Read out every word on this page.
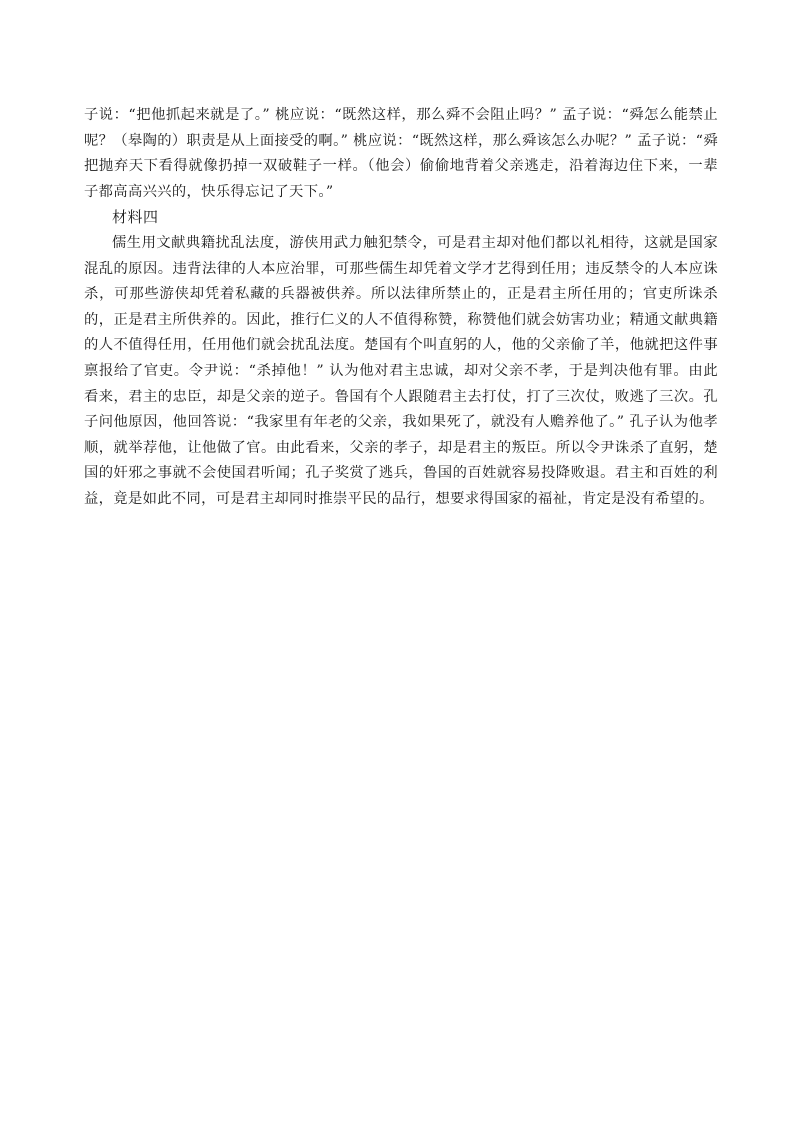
子说：“把他抓起来就是了。” 桃应说：“既然这样，那么舜不会阻止吗？” 孟子说：“舜怎么能禁止呢？（皋陶的）职责是从上面接受的啊。” 桃应说：“既然这样，那么舜该怎么办呢？” 孟子说：“舜把抛弃天下看得就像扔掉一双破鞋子一样。（他会）偷偷地背着父亲逃走，沿着海边住下来，一辈子都高高兴兴的，快乐得忘记了天下。”

材料四

儒生用文献典籍扰乱法度，游侠用武力触犯禁令，可是君主却对他们都以礼相待，这就是国家混乱的原因。违背法律的人本应治罪，可那些儒生却凭着文学才艺得到任用；违反禁令的人本应诛杀，可那些游侠却凭着私藏的兵器被供养。所以法律所禁止的，正是君主所任用的；官吏所诛杀的，正是君主所供养的。因此，推行仁义的人不值得称赞，称赞他们就会妨害功业；精通文献典籍的人不值得任用，任用他们就会扰乱法度。楚国有个叫直躬的人，他的父亲偷了羊，他就把这件事禀报给了官吏。令尹说：“杀掉他！” 认为他对君主忠诚，却对父亲不孝，于是判决他有罪。由此看来，君主的忠臣，却是父亲的逆子。鲁国有个人跟随君主去打仗，打了三次仗，败逃了三次。孔子问他原因，他回答说：“我家里有年老的父亲，我如果死了，就没有人赡养他了。” 孔子认为他孝顺，就举荐他，让他做了官。由此看来，父亲的孝子，却是君主的叛臣。所以令尹诛杀了直躬，楚国的奸邪之事就不会使国君听闻；孔子奖赏了逃兵，鲁国的百姓就容易投降败退。君主和百姓的利益，竟是如此不同，可是君主却同时推崇平民的品行，想要求得国家的福祉，肯定是没有希望的。
